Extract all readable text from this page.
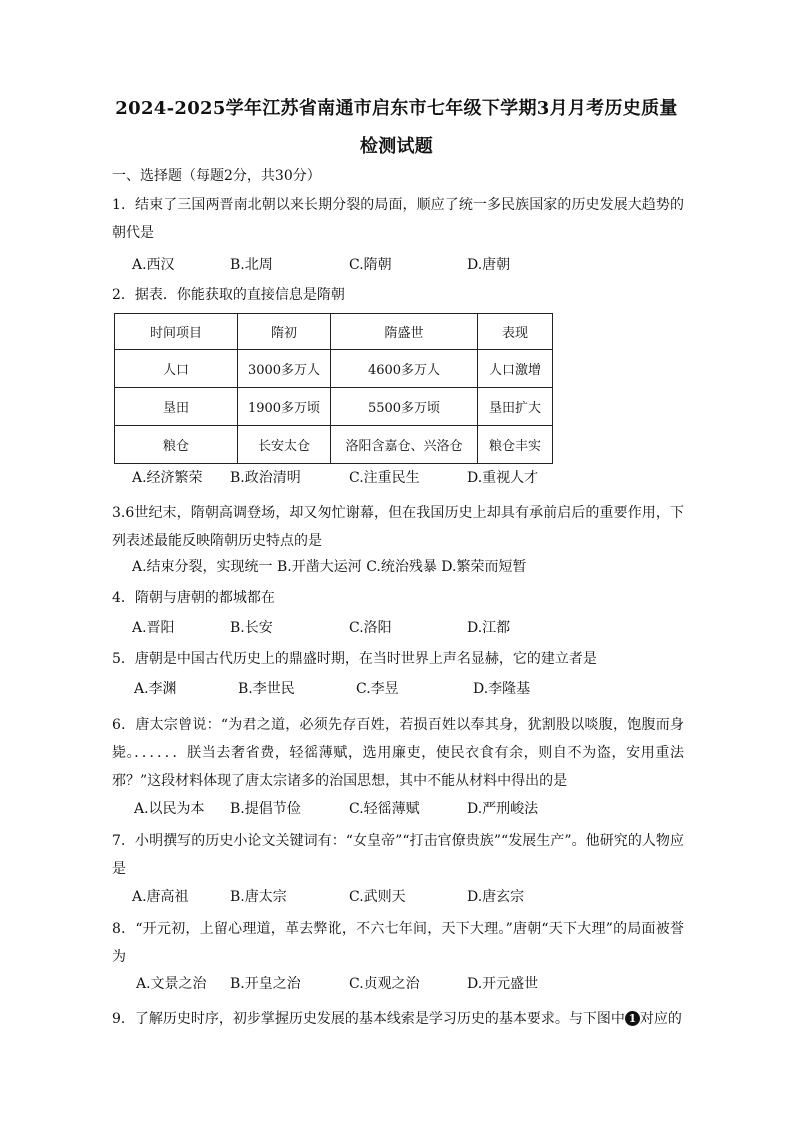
2024-2025学年江苏省南通市启东市七年级下学期3月月考历史质量
检测试题
一、选择题（每题2分，共30分）
1．结束了三国两晋南北朝以来长期分裂的局面，顺应了统一多民族国家的历史发展大趋势的朝代是
A.西汉	B.北周	C.隋朝	D.唐朝
2．据表．你能获取的直接信息是隋朝
时间项目	隋初	隋盛世	表现
人口	3000多万人	4600多万人	人口激增
垦田	1900多万顷	5500多万顷	垦田扩大
粮仓	长安太仓	洛阳含嘉仓、兴洛仓	粮仓丰实
A.经济繁荣 B.政治清明	C.注重民生	D.重视人才
3.6世纪末，隋朝高调登场，却又匆忙谢幕，但在我国历史上却具有承前启后的重要作用，下列表述最能反映隋朝历史特点的是
A.结束分裂，实现统一 B.开凿大运河 C.统治残暴 D.繁荣而短暂
4．隋朝与唐朝的都城都在
A.晋阳	B.长安	C.洛阳	D.江都
5．唐朝是中国古代历史上的鼎盛时期，在当时世界上声名显赫，它的建立者是
A.李渊	B.李世民	C.李昱	D.李隆基
6．唐太宗曾说：“为君之道，必须先存百姓，若损百姓以奉其身，犹割股以啖腹，饱腹而身毙。．．．．．．朕当去奢省费，轻徭薄赋，选用廉吏，使民衣食有余，则自不为盗，安用重法邪？”这段材料体现了唐太宗诸多的治国思想，其中不能从材料中得出的是
A.以民为本 B.提倡节俭	C.轻徭薄赋	D.严刑峻法
7．小明撰写的历史小论文关键词有：“女皇帝”“打击官僚贵族”“发展生产”。他研究的人物应是
A.唐高祖	B.唐太宗	C.武则天	D.唐玄宗
8．“开元初，上留心理道，革去弊讹，不六七年间，天下大理。”唐朝“天下大理”的局面被誉为
A.文景之治 B.开皇之治	C.贞观之治	D.开元盛世
9．了解历史时序，初步掌握历史发展的基本线索是学习历史的基本要求。与下图中 1 对应的
